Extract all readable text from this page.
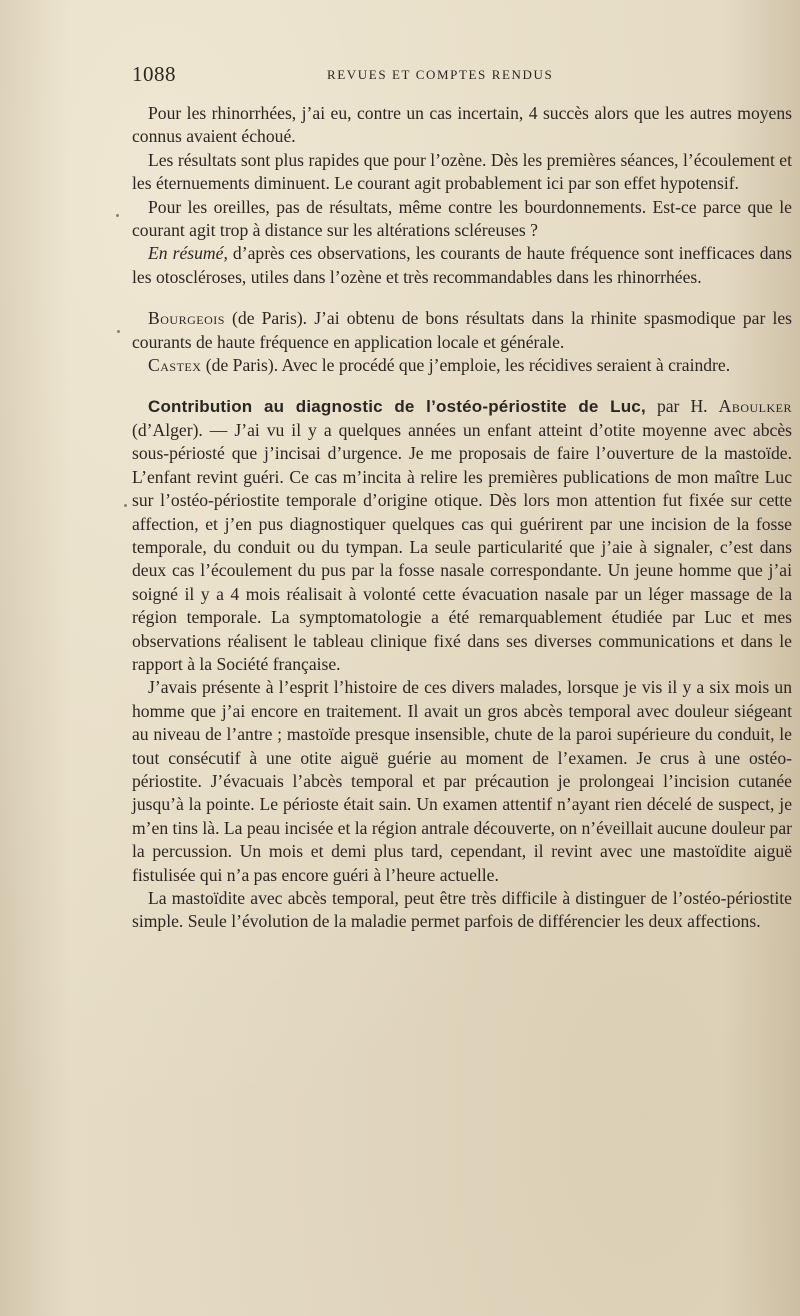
1088	REVUES ET COMPTES RENDUS

Pour les rhinorrhées, j’ai eu, contre un cas incertain, 4 succès alors que les autres moyens connus avaient échoué.

Les résultats sont plus rapides que pour l’ozène. Dès les premières séances, l’écoulement et les éternuements diminuent. Le courant agit probablement ici par son effet hypotensif.

Pour les oreilles, pas de résultats, même contre les bourdonnements. Est-ce parce que le courant agit trop à distance sur les altérations scléreuses ?

En résumé, d’après ces observations, les courants de haute fréquence sont inefficaces dans les otoscléroses, utiles dans l’ozène et très recommandables dans les rhinorrhées.

Bourgeois (de Paris). J’ai obtenu de bons résultats dans la rhinite spasmodique par les courants de haute fréquence en application locale et générale.

Castex (de Paris). Avec le procédé que j’emploie, les récidives seraient à craindre.

Contribution au diagnostic de l’ostéo-périostite de Luc, par H. Aboulker (d’Alger). — J’ai vu il y a quelques années un enfant atteint d’otite moyenne avec abcès sous-périosté que j’incisai d’urgence. Je me proposais de faire l’ouverture de la mastoïde. L’enfant revint guéri. Ce cas m’incita à relire les premières publications de mon maître Luc sur l’ostéo-périostite temporale d’origine otique. Dès lors mon attention fut fixée sur cette affection, et j’en pus diagnostiquer quelques cas qui guérirent par une incision de la fosse temporale, du conduit ou du tympan. La seule particularité que j’aie à signaler, c’est dans deux cas l’écoulement du pus par la fosse nasale correspondante. Un jeune homme que j’ai soigné il y a 4 mois réalisait à volonté cette évacuation nasale par un léger massage de la région temporale. La symptomatologie a été remarquablement étudiée par Luc et mes observations réalisent le tableau clinique fixé dans ses diverses communications et dans le rapport à la Société française.

J’avais présente à l’esprit l’histoire de ces divers malades, lorsque je vis il y a six mois un homme que j’ai encore en traitement. Il avait un gros abcès temporal avec douleur siégeant au niveau de l’antre ; mastoïde presque insensible, chute de la paroi supérieure du conduit, le tout consécutif à une otite aiguë guérie au moment de l’examen. Je crus à une ostéo-périostite. J’évacuais l’abcès temporal et par précaution je prolongeai l’incision cutanée jusqu’à la pointe. Le périoste était sain. Un examen attentif n’ayant rien décelé de suspect, je m’en tins là. La peau incisée et la région antrale découverte, on n’éveillait aucune douleur par la percussion. Un mois et demi plus tard, cependant, il revint avec une mastoïdite aiguë fistulisée qui n’a pas encore guéri à l’heure actuelle.

La mastoïdite avec abcès temporal, peut être très difficile à distinguer de l’ostéo-périostite simple. Seule l’évolution de la maladie permet parfois de différencier les deux affections.
